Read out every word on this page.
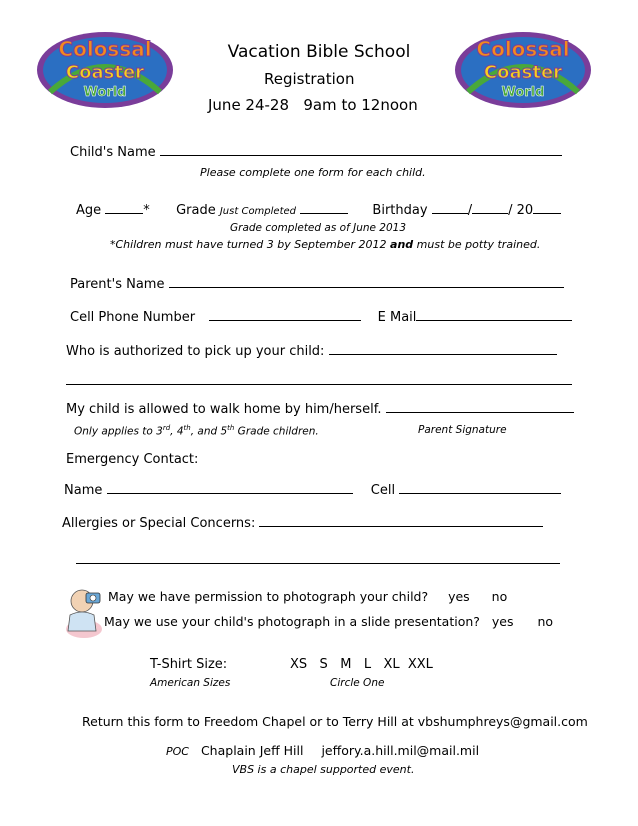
Colossal
Coaster
World
Colossal
Coaster
World
Vacation Bible School
Registration
June 24-28   9am to 12noon
Child's Name
Please complete one form for each child.
Age	* Grade Just Completed	Birthday	/	/ 20
Grade completed as of June 2013
*Children must have turned 3 by September 2012 and must be potty trained.
Parent's Name
Cell Phone Number	E Mail
Who is authorized to pick up your child:
My child is allowed to walk home by him/herself.
Only applies to 3rd, 4th, and 5th Grade children.	Parent Signature
Emergency Contact:
Name	Cell
Allergies or Special Concerns:
May we have permission to photograph your child? yes no
May we use your child's photograph in a slide presentation? yes no
T-Shirt Size:	XS   S   M   L   XL  XXL
American Sizes	Circle One
Return this form to Freedom Chapel or to Terry Hill at vbshumphreys@gmail.com
POC Chaplain Jeff Hill jeffory.a.hill.mil@mail.mil
VBS is a chapel supported event.
